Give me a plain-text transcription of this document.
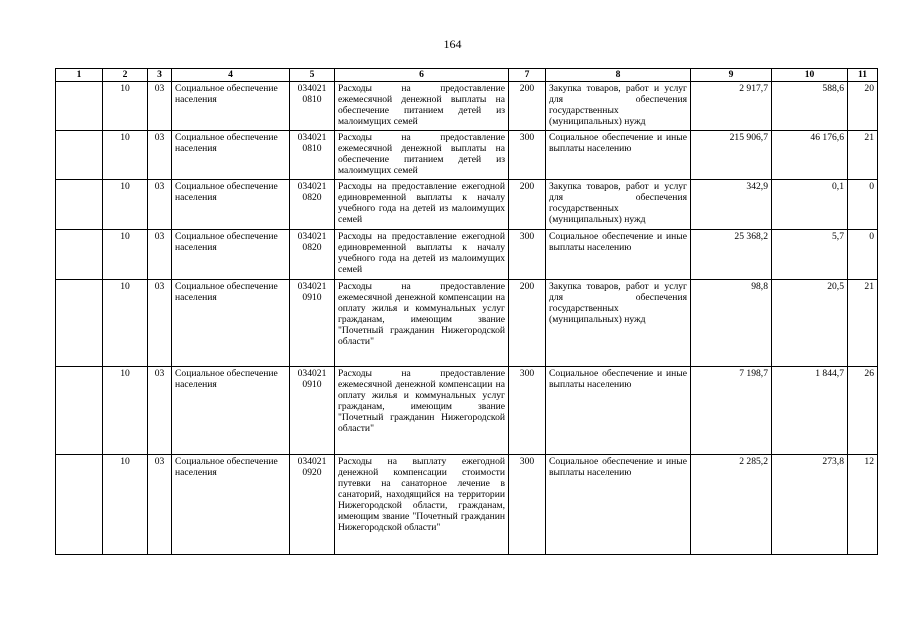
164
1	2	3	4	5	6	7	8	9	10	11
	10	03	Социальное обеспечение населения	034021 0810	Расходы на предоставление ежемесячной денежной выплаты на обеспечение питанием детей из малоимущих семей	200	Закупка товаров, работ и услуг для обеспечения государственных (муниципальных) нужд	2 917,7	588,6	20
	10	03	Социальное обеспечение населения	034021 0810	Расходы на предоставление ежемесячной денежной выплаты на обеспечение питанием детей из малоимущих семей	300	Социальное обеспечение и иные выплаты населению	215 906,7	46 176,6	21
	10	03	Социальное обеспечение населения	034021 0820	Расходы на предоставление ежегодной единовременной выплаты к началу учебного года на детей из малоимущих семей	200	Закупка товаров, работ и услуг для обеспечения государственных (муниципальных) нужд	342,9	0,1	0
	10	03	Социальное обеспечение населения	034021 0820	Расходы на предоставление ежегодной единовременной выплаты к началу учебного года на детей из малоимущих семей	300	Социальное обеспечение и иные выплаты населению	25 368,2	5,7	0
	10	03	Социальное обеспечение населения	034021 0910	Расходы на предоставление ежемесячной денежной компенсации на оплату жилья и коммунальных услуг гражданам, имеющим звание "Почетный гражданин Нижегородской области"	200	Закупка товаров, работ и услуг для обеспечения государственных (муниципальных) нужд	98,8	20,5	21
	10	03	Социальное обеспечение населения	034021 0910	Расходы на предоставление ежемесячной денежной компенсации на оплату жилья и коммунальных услуг гражданам, имеющим звание "Почетный гражданин Нижегородской области"	300	Социальное обеспечение и иные выплаты населению	7 198,7	1 844,7	26
	10	03	Социальное обеспечение населения	034021 0920	Расходы на выплату ежегодной денежной компенсации стоимости путевки на санаторное лечение в санаторий, находящийся на территории Нижегородской области, гражданам, имеющим звание "Почетный гражданин Нижегородской области"	300	Социальное обеспечение и иные выплаты населению	2 285,2	273,8	12
